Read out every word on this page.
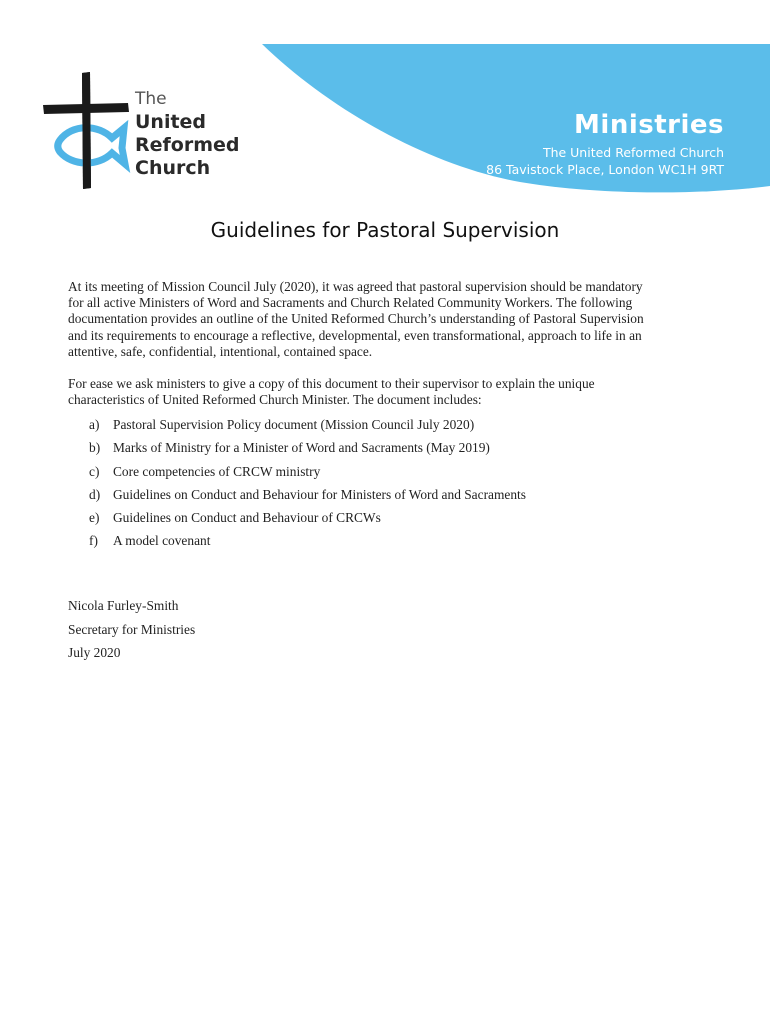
Ministries
The United Reformed Church
86 Tavistock Place, London WC1H 9RT
The
United
Reformed
Church
Guidelines for Pastoral Supervision
At its meeting of Mission Council July (2020), it was agreed that pastoral supervision should be mandatory
for all active Ministers of Word and Sacraments and Church Related Community Workers. The following
documentation provides an outline of the United Reformed Church’s understanding of Pastoral Supervision
and its requirements to encourage a reflective, developmental, even transformational, approach to life in an
attentive, safe, confidential, intentional, contained space.
For ease we ask ministers to give a copy of this document to their supervisor to explain the unique
characteristics of United Reformed Church Minister. The document includes:
a) Pastoral Supervision Policy document (Mission Council July 2020)
b) Marks of Ministry for a Minister of Word and Sacraments (May 2019)
c) Core competencies of CRCW ministry
d) Guidelines on Conduct and Behaviour for Ministers of Word and Sacraments
e) Guidelines on Conduct and Behaviour of CRCWs
f) A model covenant
Nicola Furley-Smith
Secretary for Ministries
July 2020
